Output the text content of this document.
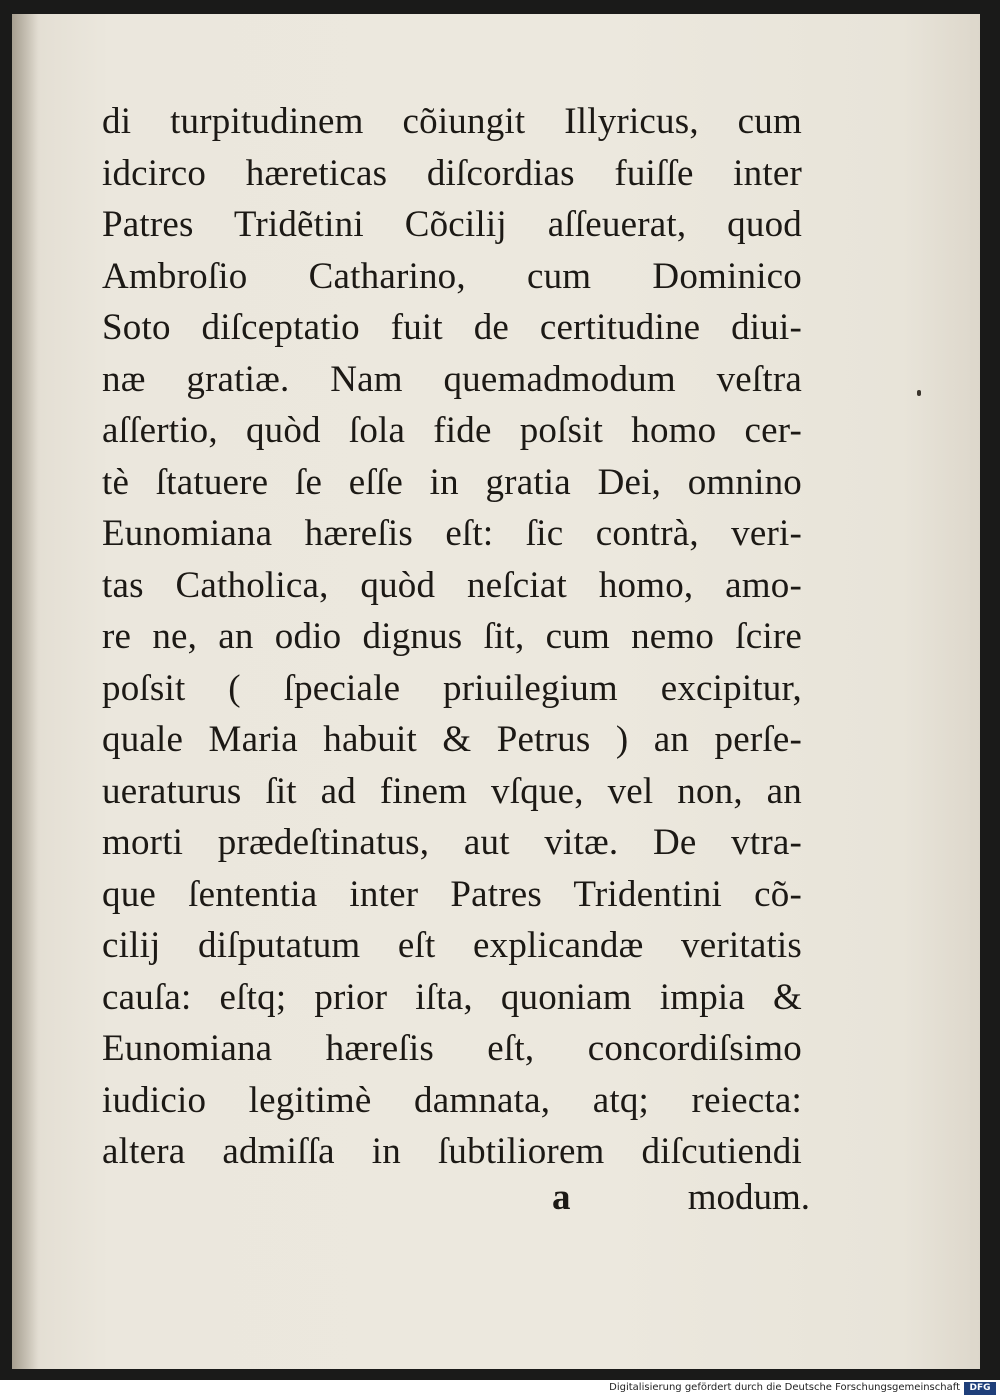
di turpitudinem cõiungit Illyricus, cum
idcirco hæreticas diſcordias fuiſſe inter
Patres Tridẽtini Cõcilij aſſeuerat, quod
Ambroſio Catharino, cum Dominico
Soto diſceptatio fuit de certitudine diui-
næ gratiæ. Nam quemadmodum veſtra
aſſertio, quòd ſola fide poſsit homo cer-
tè ſtatuere ſe eſſe in gratia Dei, omnino
Eunomiana hæreſis eſt: ſic contrà, veri-
tas Catholica, quòd neſciat homo, amo-
re ne, an odio dignus ſit, cum nemo ſcire
poſsit ( ſpeciale priuilegium excipitur,
quale Maria habuit & Petrus ) an perſe-
ueraturus ſit ad finem vſque, vel non, an
morti prædeſtinatus, aut vitæ. De vtra-
que ſententia inter Patres Tridentini cõ-
cilij diſputatum eſt explicandæ veritatis
cauſa: eſtq; prior iſta, quoniam impia &
Eunomiana hæreſis eſt, concordiſsimo
iudicio legitimè damnata, atq; reiecta:
altera admiſſa in ſubtiliorem diſcutiendi
a	modum.
Digitalisierung gefördert durch die Deutsche Forschungsgemeinschaft	DFG
